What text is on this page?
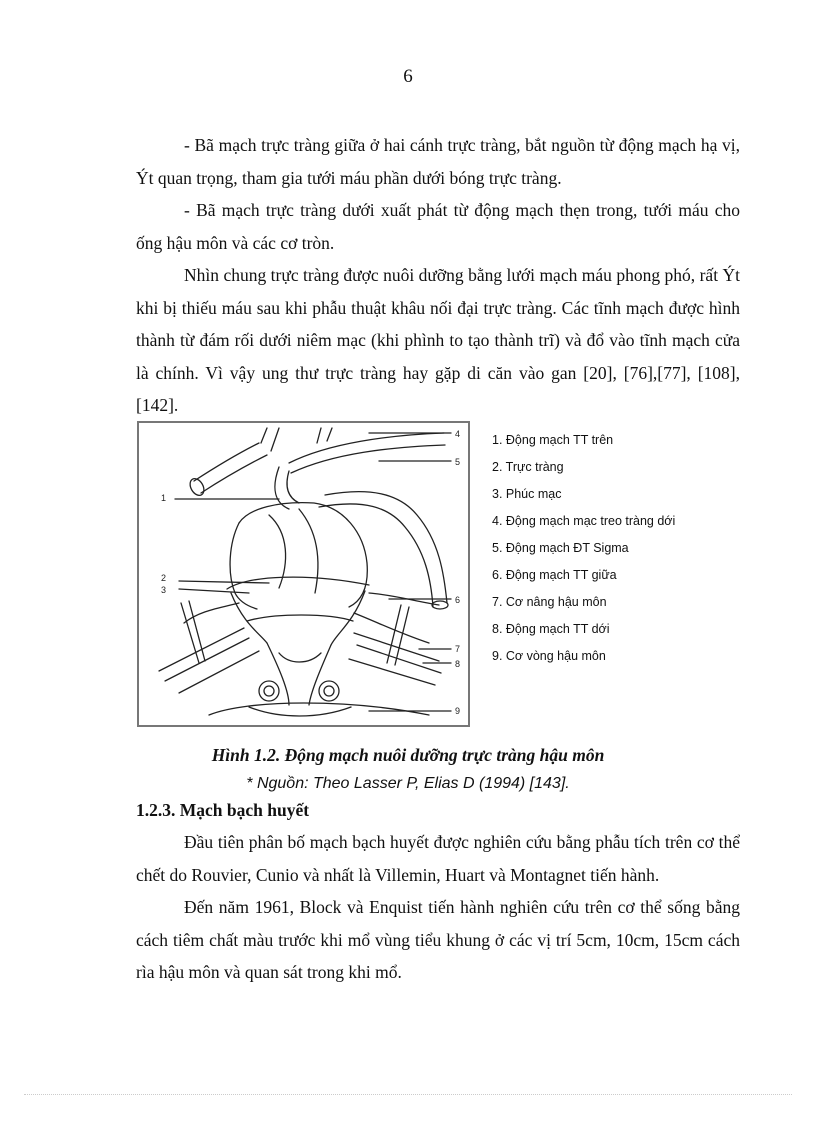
6

- Bã mạch trực tràng giữa ở hai cánh trực tràng, bắt nguồn từ động mạch hạ vị, Ýt quan trọng, tham gia tưới máu phần dưới bóng trực tràng.

- Bã mạch trực tràng dưới xuất phát từ động mạch thẹn trong, tưới máu cho ống hậu môn và các cơ tròn.

Nhìn chung trực tràng được nuôi dưỡng bằng lưới mạch máu phong phó, rất Ýt khi bị thiếu máu sau khi phẫu thuật khâu nối đại trực tràng. Các tĩnh mạch được hình thành từ đám rối dưới niêm mạc (khi phình to tạo thành trĩ) và đổ vào tĩnh mạch cửa là chính. Vì vậy ung thư trực tràng hay gặp di căn vào gan [20], [76],[77], [108],[142].

1
2
3
4
5
6
7
8
9
1. Động mạch TT trên
2. Trực tràng
3. Phúc mạc
4. Động mạch mạc treo tràng dới
5. Động mạch ĐT Sigma
6. Động mạch TT giữa
7. Cơ nâng hậu môn
8. Động mạch TT dới
9. Cơ vòng hậu môn

Hình 1.2. Động mạch nuôi dưỡng trực tràng hậu môn

* Nguồn: Theo Lasser P, Elias D (1994) [143].

1.2.3. Mạch bạch huyết

Đầu tiên phân bố mạch bạch huyết được nghiên cứu bằng phẫu tích trên cơ thể chết do Rouvier, Cunio và nhất là Villemin, Huart và Montagnet tiến hành.

Đến năm 1961, Block và Enquist tiến hành nghiên cứu trên cơ thể sống bằng cách tiêm chất màu trước khi mổ vùng tiểu khung ở các vị trí 5cm, 10cm, 15cm cách rìa hậu môn và quan sát trong khi mổ.
